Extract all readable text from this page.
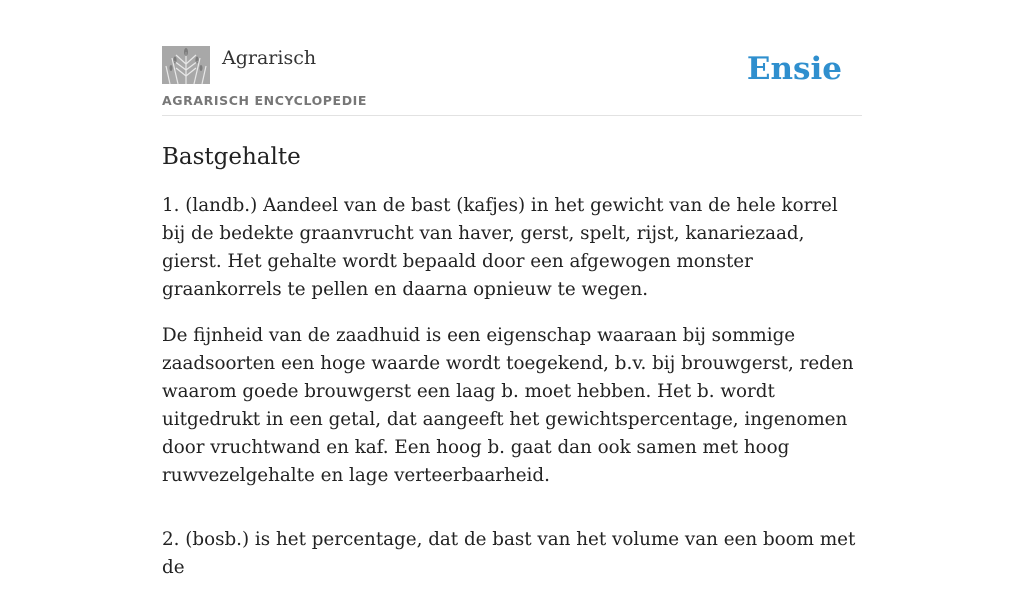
Agrarisch
AGRARISCH ENCYCLOPEDIE
Ensie
Bastgehalte

1. (landb.) Aandeel van de bast (kafjes) in het gewicht van de hele korrel bij de bedekte graanvrucht van haver, gerst, spelt, rijst, kanariezaad, gierst. Het gehalte wordt bepaald door een afgewogen monster graankorrels te pellen en daarna opnieuw te wegen.

De fijnheid van de zaadhuid is een eigenschap waaraan bij sommige zaadsoorten een hoge waarde wordt toegekend, b.v. bij brouwgerst, reden waarom goede brouwgerst een laag b. moet hebben. Het b. wordt uitgedrukt in een getal, dat aangeeft het gewichtspercentage, ingenomen door vruchtwand en kaf. Een hoog b. gaat dan ook samen met hoog ruwvezelgehalte en lage verteerbaarheid.

2. (bosb.) is het percentage, dat de bast van het volume van een boom met de
